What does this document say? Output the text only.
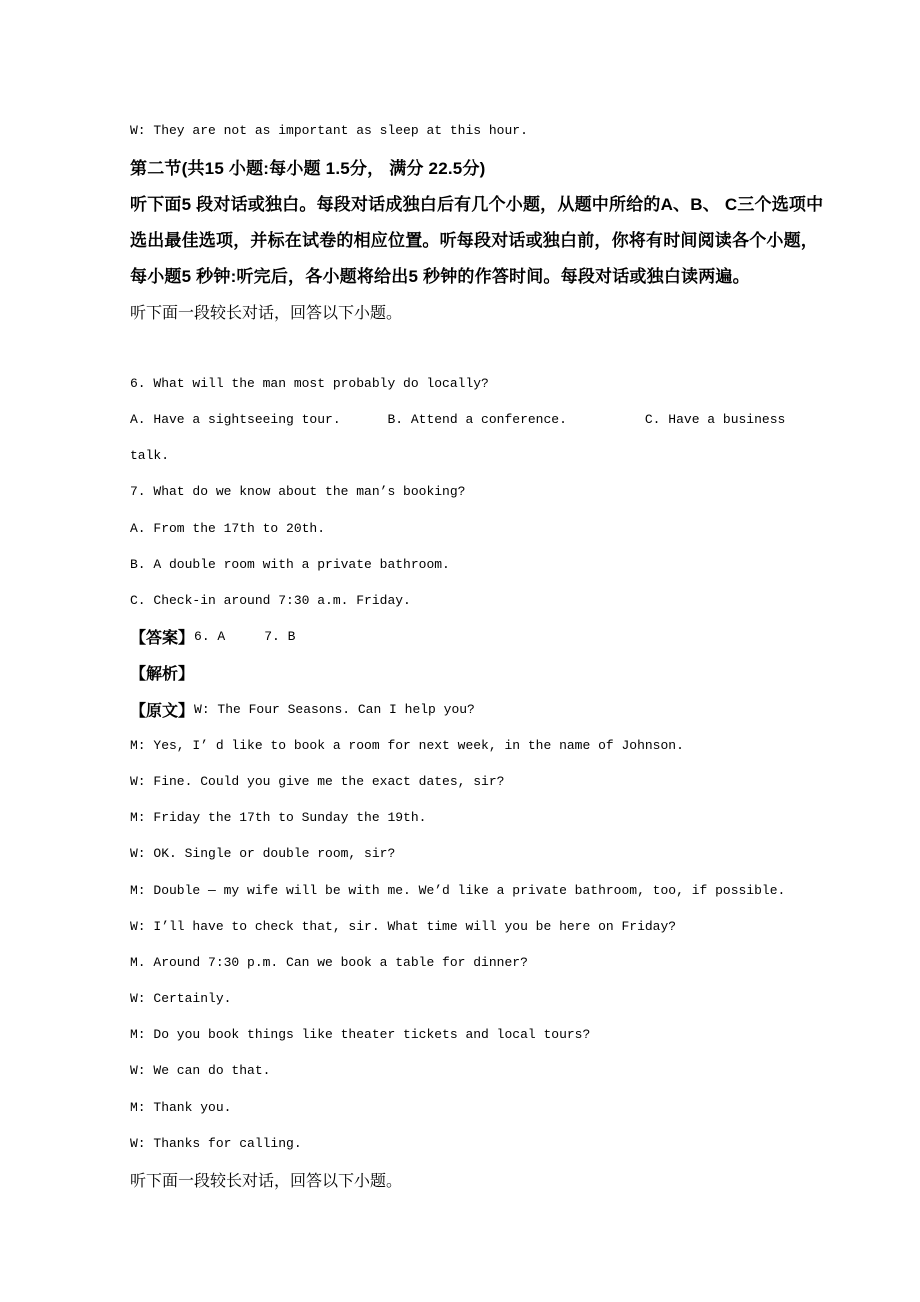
W: They are not as important as sleep at this hour.
第二节(共15 小题:每小题 1.5分， 满分 22.5分)
听下面5 段对话或独白。每段对话成独白后有几个小题，从题中所给的A、B、 C三个选项中
选出最佳选项，并标在试卷的相应位置。听每段对话或独白前，你将有时间阅读各个小题，
每小题5 秒钟:听完后，各小题将给出5 秒钟的作答时间。每段对话或独白读两遍。
听下面一段较长对话，回答以下小题。
6. What will the man most probably do locally?
A. Have a sightseeing tour.      B. Attend a conference.          C. Have a business
talk.
7. What do we know about the man’s booking?
A. From the 17th to 20th.
B. A double room with a private bathroom.
C. Check-in around 7:30 a.m. Friday.
【答案】 6. A     7. B
【解析】
【原文】 W: The Four Seasons. Can I help you?
M: Yes, I’ d like to book a room for next week, in the name of Johnson.
W: Fine. Could you give me the exact dates, sir?
M: Friday the 17th to Sunday the 19th.
W: OK. Single or double room, sir?
M: Double — my wife will be with me. We’d like a private bathroom, too, if possible.
W: I’ll have to check that, sir. What time will you be here on Friday?
M. Around 7:30 p.m. Can we book a table for dinner?
W: Certainly.
M: Do you book things like theater tickets and local tours?
W: We can do that.
M: Thank you.
W: Thanks for calling.
听下面一段较长对话，回答以下小题。
